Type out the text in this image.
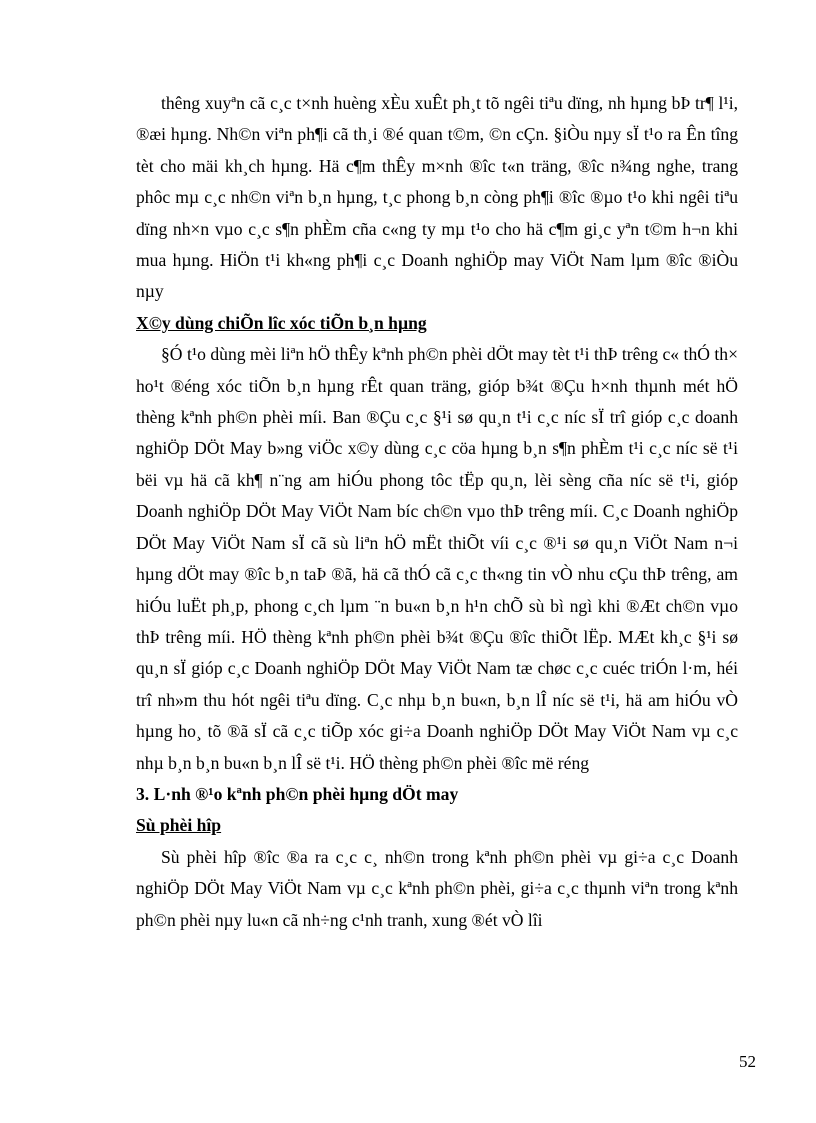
thêng xuyªn cã c¸c t×nh huèng xÈu xuÊt ph¸t tõ ngêi tiªu dïng, nh hµng bÞ tr¶ l¹i, ®æi hµng. Nh©n viªn ph¶i cã th¸i ®é quan t©m, ©n cÇn. §iÒu nµy sÏ t¹o ra Ên tîng tèt cho mäi kh¸ch hµng. Hä c¶m thÊy m×nh ®îc t«n träng, ®îc n¾ng nghe, trang phôc mµ c¸c nh©n viªn b¸n hµng, t¸c phong b¸n còng ph¶i ®îc ®µo t¹o khi ngêi tiªu dïng nh×n vµo c¸c s¶n phÈm cña c«ng ty mµ t¹o cho hä c¶m gi¸c yªn t©m h¬n khi mua hµng. HiÖn t¹i kh«ng ph¶i c¸c Doanh nghiÖp may ViÖt Nam lµm ®îc ®iÒu nµy

X©y dùng chiÕn lîc xóc tiÕn b¸n hµng

§Ó t¹o dùng mèi liªn hÖ thÊy kªnh ph©n phèi dÖt may tèt t¹i thÞ trêng c« thÓ th× ho¹t ®éng xóc tiÕn b¸n hµng rÊt quan träng, gióp b¾t ®Çu h×nh thµnh mét hÖ thèng kªnh ph©n phèi míi. Ban ®Çu c¸c §¹i sø qu¸n t¹i c¸c níc sÏ trî gióp c¸c doanh nghiÖp DÖt May b»ng viÖc x©y dùng c¸c cöa hµng b¸n s¶n phÈm t¹i c¸c níc së t¹i bëi vµ hä cã kh¶ n¨ng am hiÓu phong tôc tËp qu¸n, lèi sèng cña níc së t¹i, gióp Doanh nghiÖp DÖt May ViÖt Nam bíc ch©n vµo thÞ trêng míi. C¸c Doanh nghiÖp DÖt May ViÖt Nam sÏ cã sù liªn hÖ mËt thiÕt víi c¸c ®¹i sø qu¸n ViÖt Nam n¬i hµng dÖt may ®îc b¸n taÞ ®ã, hä cã thÓ cã c¸c th«ng tin vÒ nhu cÇu thÞ trêng, am hiÓu luËt ph¸p, phong c¸ch lµm ¨n bu«n b¸n h¹n chÕ sù bì ngì khi ®Æt ch©n vµo thÞ trêng míi. HÖ thèng kªnh ph©n phèi b¾t ®Çu ®îc thiÕt lËp. MÆt kh¸c §¹i sø qu¸n sÏ gióp c¸c Doanh nghiÖp DÖt May ViÖt Nam tæ chøc c¸c cuéc triÓn l·m, héi trî nh»m thu hót ngêi tiªu dïng. C¸c nhµ b¸n bu«n, b¸n lÎ níc së t¹i, hä am hiÓu vÒ hµng ho¸ tõ ®ã sÏ cã c¸c tiÕp xóc gi÷a Doanh nghiÖp DÖt May ViÖt Nam vµ c¸c nhµ b¸n b¸n bu«n b¸n lÎ së t¹i. HÖ thèng ph©n phèi ®îc më réng

3. L·nh ®¹o kªnh ph©n phèi hµng dÖt may

Sù phèi hîp

Sù phèi hîp ®îc ®a ra c¸c c¸ nh©n trong kªnh ph©n phèi vµ gi÷a c¸c Doanh nghiÖp DÖt May ViÖt Nam vµ c¸c kªnh ph©n phèi, gi÷a c¸c thµnh viªn trong kªnh ph©n phèi nµy lu«n cã nh÷ng c¹nh tranh, xung ®ét vÒ lîi

52
